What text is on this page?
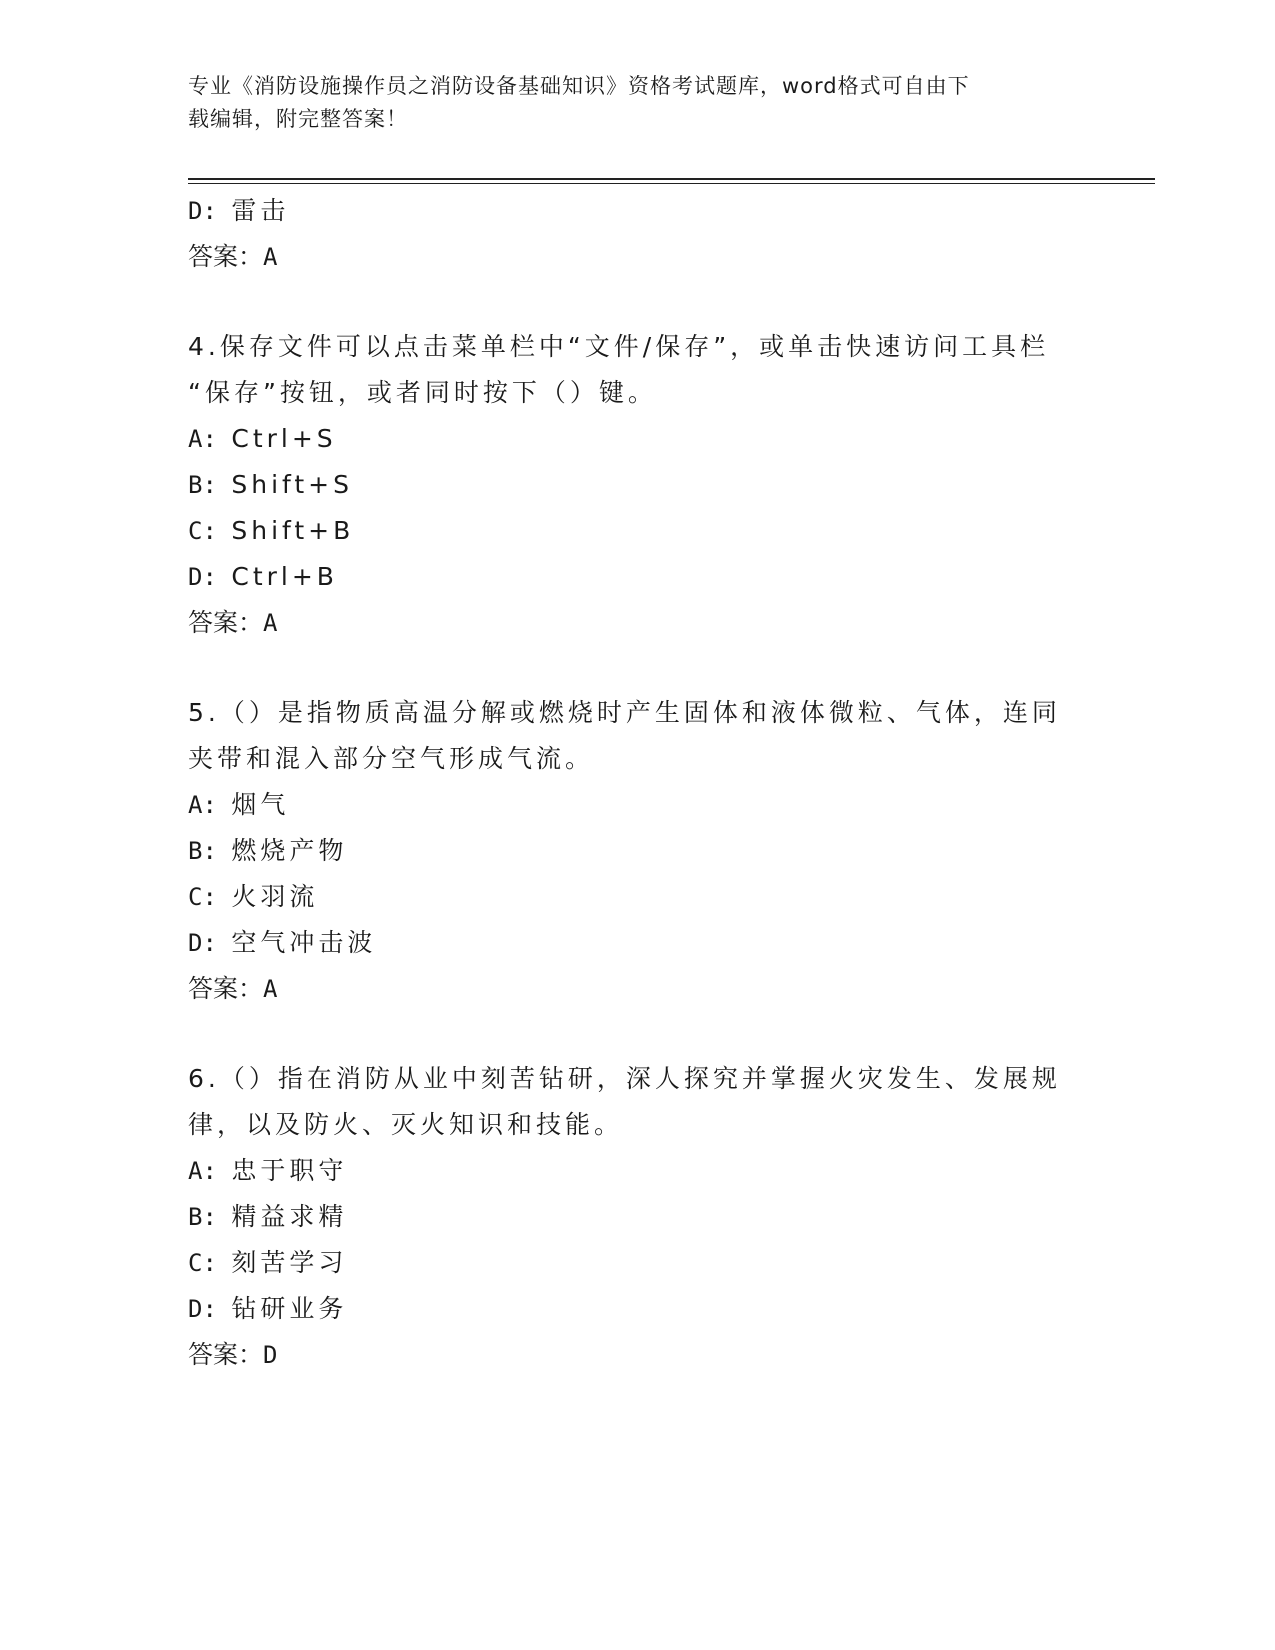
专业《消防设施操作员之消防设备基础知识》资格考试题库，word格式可自由下
载编辑，附完整答案！
D: 雷击
答案：A
4.保存文件可以点击菜单栏中“文件/保存”，或单击快速访问工具栏
“保存”按钮，或者同时按下（）键。
A: Ctrl+S
B: Shift+S
C: Shift+B
D: Ctrl+B
答案：A
5.（）是指物质高温分解或燃烧时产生固体和液体微粒、气体，连同
夹带和混入部分空气形成气流。
A: 烟气
B: 燃烧产物
C: 火羽流
D: 空气冲击波
答案：A
6.（）指在消防从业中刻苦钻研，深人探究并掌握火灾发生、发展规
律，以及防火、灭火知识和技能。
A: 忠于职守
B: 精益求精
C: 刻苦学习
D: 钻研业务
答案：D
